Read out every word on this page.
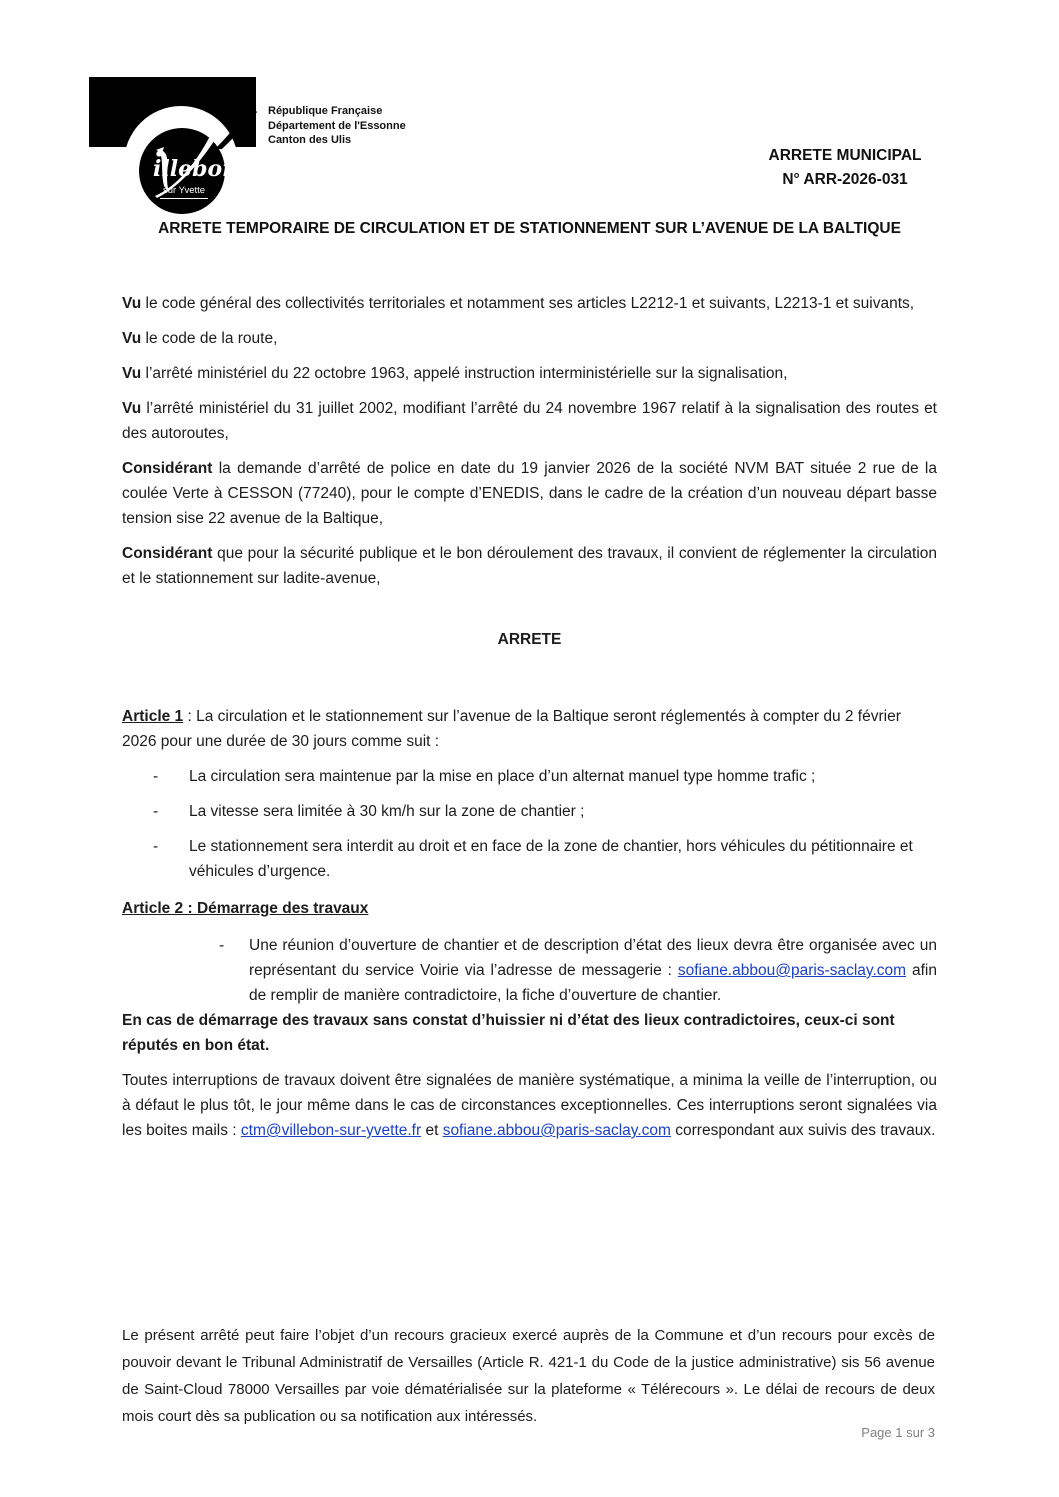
illebon
sur Yvette
République Française
Département de l'Essonne
Canton des Ulis
ARRETE MUNICIPAL
N° ARR-2026-031
ARRETE TEMPORAIRE DE CIRCULATION ET DE STATIONNEMENT SUR L’AVENUE DE LA BALTIQUE

Vu le code général des collectivités territoriales et notamment ses articles L2212-1 et suivants, L2213-1 et suivants,

Vu le code de la route,

Vu l’arrêté ministériel du 22 octobre 1963, appelé instruction interministérielle sur la signalisation,

Vu l’arrêté ministériel du 31 juillet 2002, modifiant l’arrêté du 24 novembre 1967 relatif à la signalisation des routes et des autoroutes,

Considérant la demande d’arrêté de police en date du 19 janvier 2026 de la société NVM BAT située 2 rue de la coulée Verte à CESSON (77240), pour le compte d’ENEDIS, dans le cadre de la création d’un nouveau départ basse tension sise 22 avenue de la Baltique,

Considérant que pour la sécurité publique et le bon déroulement des travaux, il convient de réglementer la circulation et le stationnement sur ladite-avenue,

ARRETE

Article 1 : La circulation et le stationnement sur l’avenue de la Baltique seront réglementés à compter du 2 février 2026 pour une durée de 30 jours comme suit :

-	La circulation sera maintenue par la mise en place d’un alternat manuel type homme trafic ;
-	La vitesse sera limitée à 30 km/h sur la zone de chantier ;
-	Le stationnement sera interdit au droit et en face de la zone de chantier, hors véhicules du pétitionnaire et véhicules d’urgence.
Article 2 : Démarrage des travaux
-	Une réunion d’ouverture de chantier et de description d’état des lieux devra être organisée avec un représentant du service Voirie via l’adresse de messagerie : sofiane.abbou@paris-saclay.com afin de remplir de manière contradictoire, la fiche d’ouverture de chantier.

En cas de démarrage des travaux sans constat d’huissier ni d’état des lieux contradictoires, ceux-ci sont réputés en bon état.

Toutes interruptions de travaux doivent être signalées de manière systématique, a minima la veille de l’interruption, ou à défaut le plus tôt, le jour même dans le cas de circonstances exceptionnelles. Ces interruptions seront signalées via les boites mails : ctm@villebon-sur-yvette.fr et sofiane.abbou@paris-saclay.com correspondant aux suivis des travaux.

Le présent arrêté peut faire l’objet d’un recours gracieux exercé auprès de la Commune et d’un recours pour excès de pouvoir devant le Tribunal Administratif de Versailles (Article R. 421-1 du Code de la justice administrative) sis 56 avenue de Saint-Cloud 78000 Versailles par voie dématérialisée sur la plateforme « Télérecours ». Le délai de recours de deux mois court dès sa publication ou sa notification aux intéressés.
Page 1 sur 3
